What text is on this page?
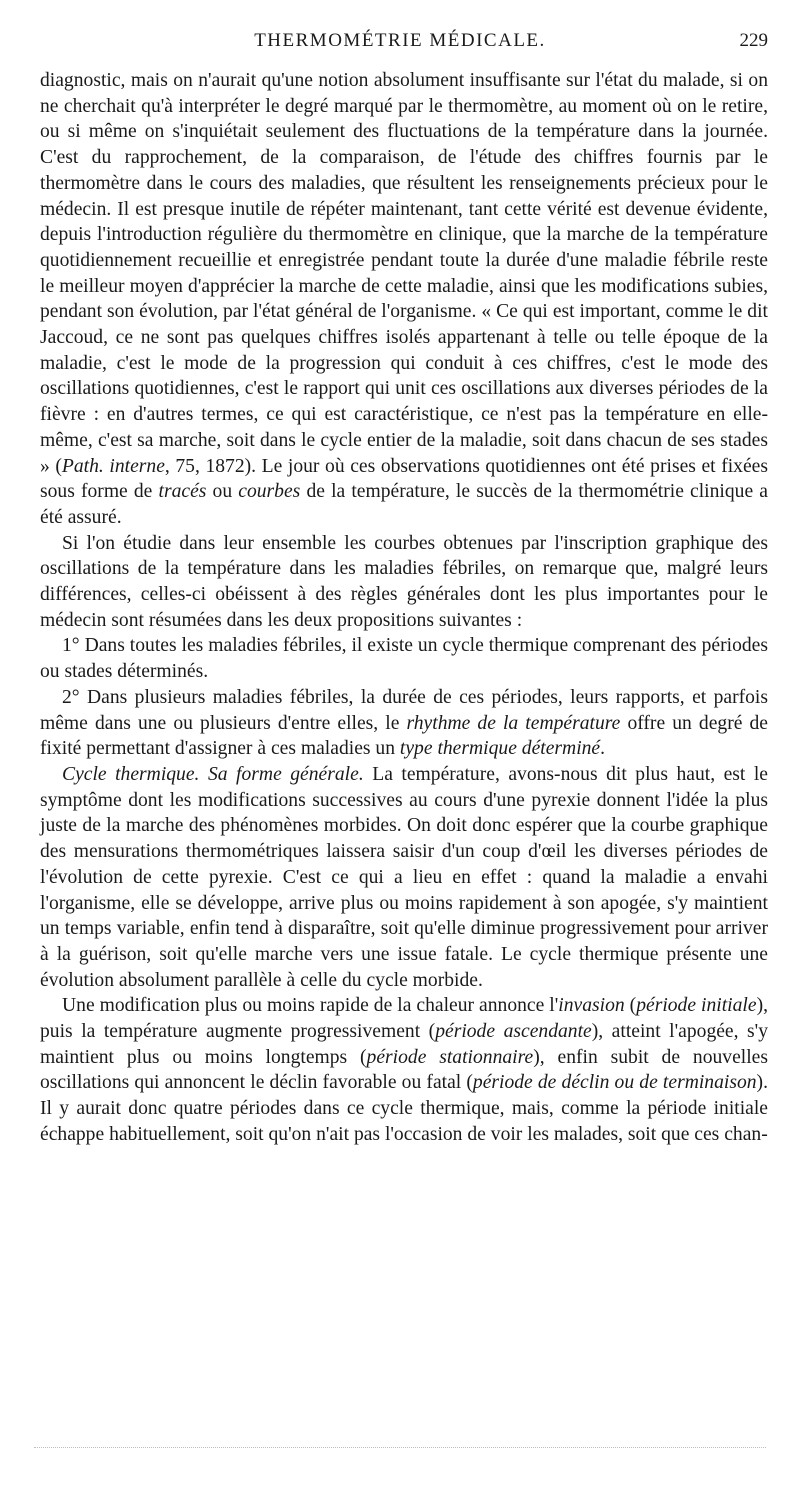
THERMOMÉTRIE MÉDICALE.	229

diagnostic, mais on n'aurait qu'une notion absolument insuffisante sur l'état du malade, si on ne cherchait qu'à interpréter le degré marqué par le thermomètre, au moment où on le retire, ou si même on s'inquiétait seulement des fluctuations de la température dans la journée. C'est du rapprochement, de la comparaison, de l'étude des chiffres fournis par le thermomètre dans le cours des maladies, que résultent les renseignements précieux pour le médecin. Il est presque inutile de répéter maintenant, tant cette vérité est devenue évidente, depuis l'introduction régulière du thermomètre en clinique, que la marche de la température quotidiennement recueillie et enregistrée pendant toute la durée d'une maladie fébrile reste le meilleur moyen d'apprécier la marche de cette maladie, ainsi que les modifications subies, pendant son évolution, par l'état général de l'organisme. « Ce qui est important, comme le dit Jaccoud, ce ne sont pas quelques chiffres isolés appartenant à telle ou telle époque de la maladie, c'est le mode de la progression qui conduit à ces chiffres, c'est le mode des oscillations quotidiennes, c'est le rapport qui unit ces oscillations aux diverses périodes de la fièvre : en d'autres termes, ce qui est caractéristique, ce n'est pas la température en elle-même, c'est sa marche, soit dans le cycle entier de la maladie, soit dans chacun de ses stades » (Path. interne, 75, 1872). Le jour où ces observations quotidiennes ont été prises et fixées sous forme de tracés ou courbes de la température, le succès de la thermométrie clinique a été assuré.

Si l'on étudie dans leur ensemble les courbes obtenues par l'inscription graphique des oscillations de la température dans les maladies fébriles, on remarque que, malgré leurs différences, celles-ci obéissent à des règles générales dont les plus importantes pour le médecin sont résumées dans les deux propositions suivantes :

1° Dans toutes les maladies fébriles, il existe un cycle thermique comprenant des périodes ou stades déterminés.

2° Dans plusieurs maladies fébriles, la durée de ces périodes, leurs rapports, et parfois même dans une ou plusieurs d'entre elles, le rhythme de la température offre un degré de fixité permettant d'assigner à ces maladies un type thermique déterminé.

Cycle thermique. Sa forme générale. La température, avons-nous dit plus haut, est le symptôme dont les modifications successives au cours d'une pyrexie donnent l'idée la plus juste de la marche des phénomènes morbides. On doit donc espérer que la courbe graphique des mensurations thermométriques laissera saisir d'un coup d'œil les diverses périodes de l'évolution de cette pyrexie. C'est ce qui a lieu en effet : quand la maladie a envahi l'organisme, elle se développe, arrive plus ou moins rapidement à son apogée, s'y maintient un temps variable, enfin tend à disparaître, soit qu'elle diminue progressivement pour arriver à la guérison, soit qu'elle marche vers une issue fatale. Le cycle thermique présente une évolution absolument parallèle à celle du cycle morbide.

Une modification plus ou moins rapide de la chaleur annonce l'invasion (période initiale), puis la température augmente progressivement (période ascendante), atteint l'apogée, s'y maintient plus ou moins longtemps (période stationnaire), enfin subit de nouvelles oscillations qui annoncent le déclin favorable ou fatal (période de déclin ou de terminaison). Il y aurait donc quatre périodes dans ce cycle thermique, mais, comme la période initiale échappe habituellement, soit qu'on n'ait pas l'occasion de voir les malades, soit que ces chan-
